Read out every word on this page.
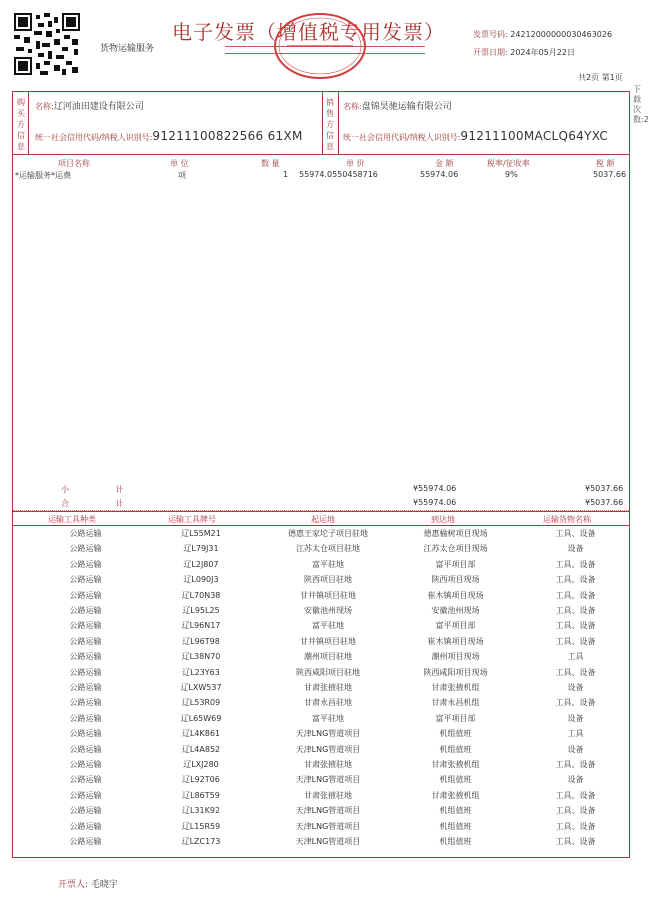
货物运输服务
电子发票（增值税专用发票）	发票号码: 24212000000030463026
开票日期: 2024年05月22日
共2页 第1页
下载次数:2
购买方信息
销售方信息
名称:辽河油田建设有限公司
统一社会信用代码/纳税人识别号:91211100822566 61XM
名称:盘锦昊驰运输有限公司
统一社会信用代码/纳税人识别号:91211100MACLQ64YXC
项目名称	单 位	数 量	单 价	金 额	税率/征收率	税 额
*运输服务*运费	项	1 55974.0550458716	55974.06	9%	5037.66
小 计	¥55974.06	¥5037.66
合 计	¥55974.06	¥5037.66
运输工具种类	运输工具牌号	起运地	到达地	运输货物名称
公路运输	辽L55M21	德惠王家坨子项目驻地	德惠榆树项目现场	工具、设备
公路运输	辽L79J31	江苏太仓项目驻地	江苏太仓项目现场	设备
公路运输	辽L2J807	富平驻地	富平项目部	工具、设备
公路运输	辽L090J3	陕西项目驻地	陕西项目现场	工具、设备
公路运输	辽L70N38	甘井镇项目驻地	崔木镇项目现场	工具、设备
公路运输	辽L95L25	安徽池州现场	安徽池州现场	工具、设备
公路运输	辽L96N17	富平驻地	富平项目部	工具、设备
公路运输	辽L96T98	甘井镇项目驻地	崔木镇项目现场	工具、设备
公路运输	辽L38N70	潮州项目驻地	潮州项目现场	工具
公路运输	辽L23Y63	陕西咸阳项目驻地	陕西咸阳项目现场	工具、设备
公路运输	辽LXW537	甘肃张掖驻地	甘肃张掖机组	设备
公路运输	辽L53R09	甘肃永昌驻地	甘肃永昌机组	工具、设备
公路运输	辽L65W69	富平驻地	富平项目部	设备
公路运输	辽L4K861	天津LNG管道项目	机组值班	工具
公路运输	辽L4A852	天津LNG管道项目	机组值班	设备
公路运输	辽LXJ280	甘肃张掖驻地	甘肃张掖机组	工具、设备
公路运输	辽L92T06	天津LNG管道项目	机组值班	设备
公路运输	辽L86T59	甘肃张掖驻地	甘肃张掖机组	工具、设备
公路运输	辽L31K92	天津LNG管道项目	机组值班	工具、设备
公路运输	辽L15R59	天津LNG管道项目	机组值班	工具、设备
公路运输	辽LZC173	天津LNG管道项目	机组值班	工具、设备
开票人: 毛晓宇
